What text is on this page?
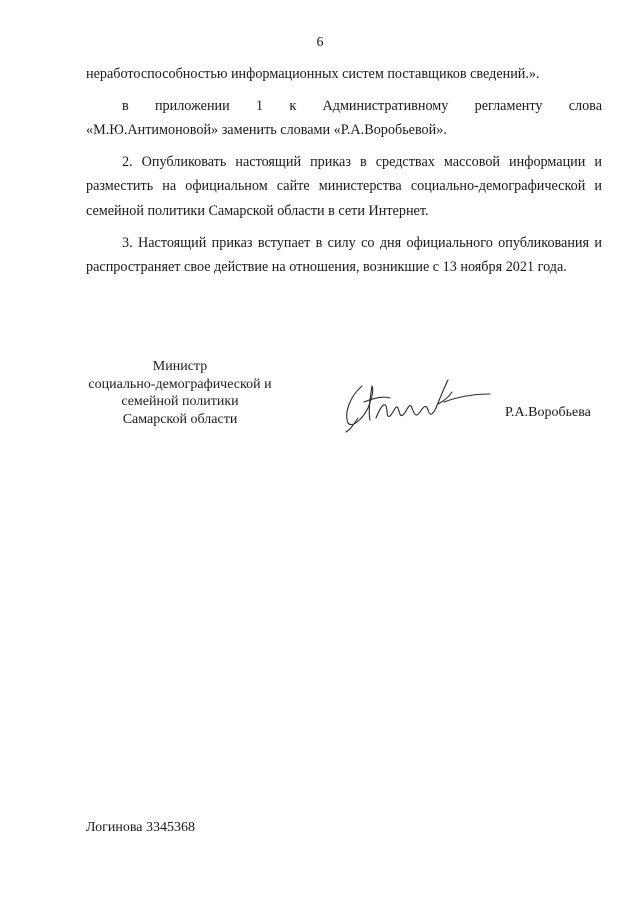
6

неработоспособностью информационных систем поставщиков сведений.».

в приложении 1 к Административному регламенту слова

«М.Ю.Антимоновой» заменить словами «Р.А.Воробьевой».

2. Опубликовать настоящий приказ в средствах массовой информации и разместить на официальном сайте министерства социально-демографической и семейной политики Самарской области в сети Интернет.

3. Настоящий приказ вступает в силу со дня официального опубликования и распространяет свое действие на отношения, возникшие с 13 ноября 2021 года.

Министр
социально-демографической и
семейной политики
Самарской области	Р.А.Воробьева
Логинова 3345368
